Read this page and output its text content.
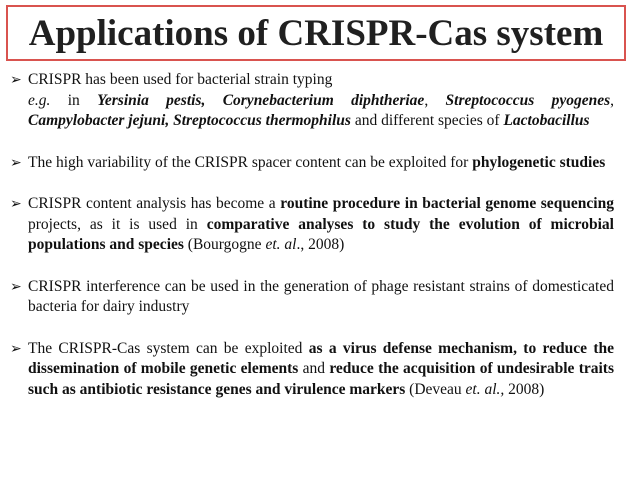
Applications of CRISPR-Cas system
➢ CRISPR has been used for bacterial strain typing
e.g. in Yersinia pestis, Corynebacterium diphtheriae, Streptococcus pyogenes, Campylobacter jejuni, Streptococcus thermophilus and different species of Lactobacillus
➢ The high variability of the CRISPR spacer content can be exploited for phylogenetic studies
➢ CRISPR content analysis has become a routine procedure in bacterial genome sequencing projects, as it is used in comparative analyses to study the evolution of microbial populations and species (Bourgogne et. al., 2008)
➢ CRISPR interference can be used in the generation of phage resistant strains of domesticated bacteria for dairy industry
➢ The CRISPR-Cas system can be exploited as a virus defense mechanism, to reduce the dissemination of mobile genetic elements and reduce the acquisition of undesirable traits such as antibiotic resistance genes and virulence markers (Deveau et. al., 2008)
